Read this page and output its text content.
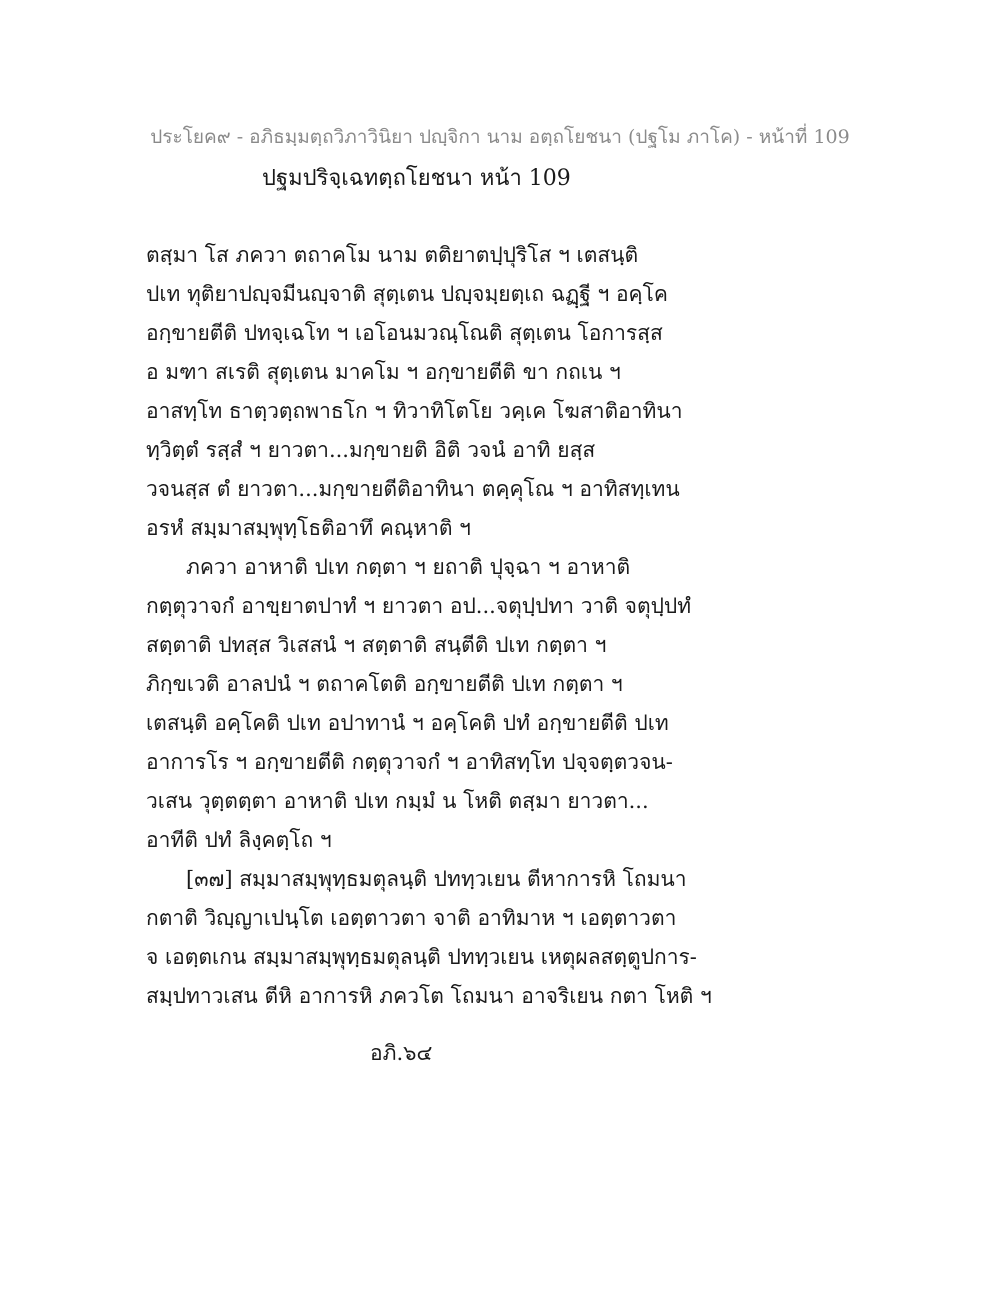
ประโยค๙ - อภิธมฺมตฺถวิภาวินิยา ปญฺจิกา นาม อตฺถโยชนา (ปฐโม ภาโค) - หน้าที่ 109
ปฐมปริจฺเฉทตฺถโยชนา หน้า 109
ตสฺมา โส ภควา ตถาคโม นาม ตติยาตปฺปุริโส ฯ เตสนฺติ
ปเท ทุติยาปญฺจมีนญฺจาติ สุตฺเตน ปญฺจมฺยตฺเถ ฉฏฺฐี ฯ อคฺโค
อกฺขายตีติ ปทจฺเฉโท ฯ เอโอนมวณฺโณติ สุตฺเตน โอการสฺส
อ มฑา สเรติ สุตฺเตน มาคโม ฯ อกฺขายตีติ ขา กถเน ฯ
อาสทฺโท ธาตฺวตฺถพาธโก ฯ ทิวาทิโตโย วคฺเค โฆสาติอาทินา
ทฺวิตฺตํ รสฺสํ ฯ ยาวตา...มกฺขายติ อิติ วจนํ อาทิ ยสฺส
วจนสฺส ตํ ยาวตา...มกฺขายตีติอาทินา ตคฺคุโณ ฯ อาทิสทฺเทน
อรหํ สมฺมาสมฺพุทฺโธติอาทึ คณฺหาติ ฯ
ภควา อาหาติ ปเท กตฺตา ฯ ยถาติ ปุจฺฉา ฯ อาหาติ
กตฺตุวาจกํ อาขฺยาตปาทํ ฯ ยาวตา อป...จตุปฺปทา วาติ จตุปฺปทํ
สตฺตาติ ปทสฺส วิเสสนํ ฯ สตฺตาติ สนฺตีติ ปเท กตฺตา ฯ
ภิกฺขเวติ อาลปนํ ฯ ตถาคโตติ อกฺขายตีติ ปเท กตฺตา ฯ
เตสนฺติ อคฺโคติ ปเท อปาทานํ ฯ อคฺโคติ ปทํ อกฺขายตีติ ปเท
อาการโร ฯ อกฺขายตีติ กตฺตุวาจกํ ฯ อาทิสทฺโท ปจฺจตฺตวจน-
วเสน วุตฺตตฺตา อาหาติ ปเท กมฺมํ น โหติ ตสฺมา ยาวตา...
อาทีติ ปทํ ลิงฺคตฺโถ ฯ
[๓๗] สมฺมาสมฺพุทฺธมตุลนฺติ ปททฺวเยน ตีหาการหิ โถมนา
กตาติ วิญฺญาเปนฺโต เอตฺตาวตา จาติ อาทิมาห ฯ เอตฺตาวตา
จ เอตฺตเกน สมฺมาสมฺพุทฺธมตุลนฺติ ปททฺวเยน เหตุผลสตฺตูปการ-
สมฺปทาวเสน ตีหิ อาการหิ ภควโต โถมนา อาจริเยน กตา โหติ ฯ
อภิ.๖๔
